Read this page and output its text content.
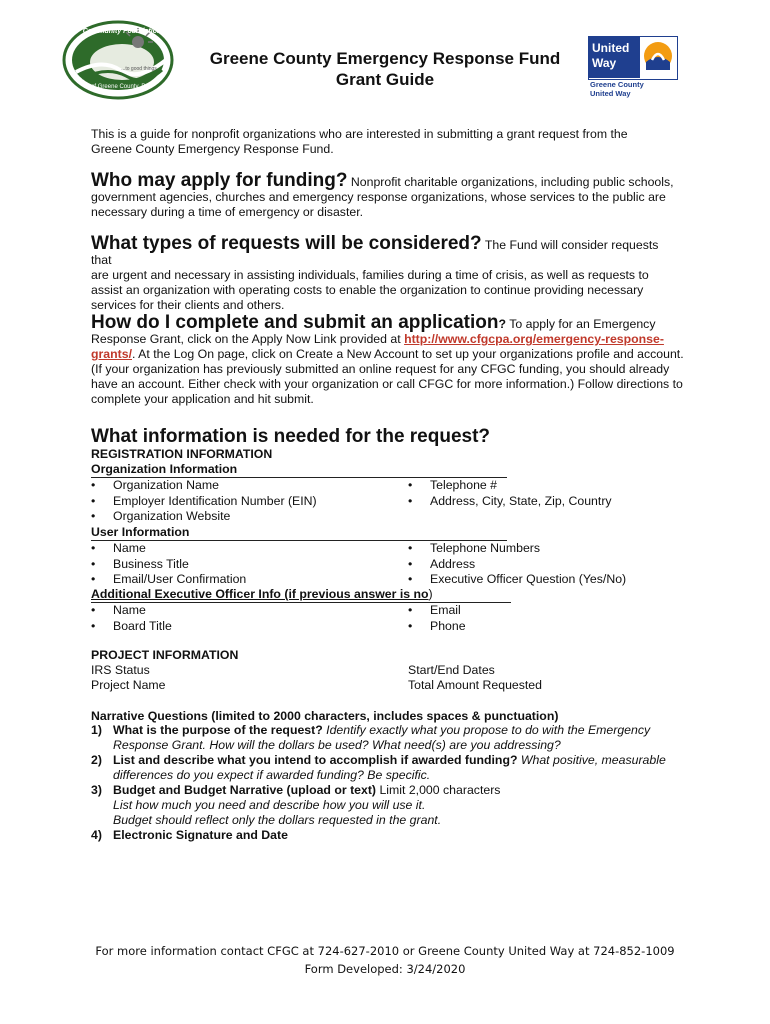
Community Foundation
...to good things
of Greene County, PA
Greene County Emergency Response Fund
Grant Guide
United
Way
Greene County
United Way
This is a guide for nonprofit organizations who are interested in submitting a grant request from the Greene County Emergency Response Fund.
Who may apply for funding? Nonprofit charitable organizations, including public schools,
government agencies, churches and emergency response organizations, whose services to the public are necessary during a time of emergency or disaster.
What types of requests will be considered? The Fund will consider requests that
are urgent and necessary in assisting individuals, families during a time of crisis, as well as requests to assist an organization with operating costs to enable the organization to continue providing necessary services for their clients and others.
How do I complete and submit an application? To apply for an Emergency
Response Grant, click on the Apply Now Link provided at http://www.cfgcpa.org/emergency-response-grants/. At the Log On page, click on Create a New Account to set up your organizations profile and account. (If your organization has previously submitted an online request for any CFGC funding, you should already have an account. Either check with your organization or call CFGC for more information.) Follow directions to complete your application and hit submit.
What information is needed for the request?
REGISTRATION INFORMATION
Organization Information
• Organization Name
• Employer Identification Number (EIN)
• Organization Website
• Telephone #
• Address, City, State, Zip, Country
User Information
• Name
• Business Title
• Email/User Confirmation
• Telephone Numbers
• Address
• Executive Officer Question (Yes/No)
Additional Executive Officer Info (if previous answer is no)
• Name
• Board Title
• Email
• Phone
PROJECT INFORMATION
IRS Status
Project Name
Start/End Dates
Total Amount Requested
Narrative Questions (limited to 2000 characters, includes spaces & punctuation)
1) What is the purpose of the request? Identify exactly what you propose to do with the Emergency
Response Grant. How will the dollars be used? What need(s) are you addressing?
2) List and describe what you intend to accomplish if awarded funding? What positive, measurable
differences do you expect if awarded funding? Be specific.
3) Budget and Budget Narrative (upload or text) Limit 2,000 characters
List how much you need and describe how you will use it.
Budget should reflect only the dollars requested in the grant.
4) Electronic Signature and Date
For more information contact CFGC at 724-627-2010 or Greene County United Way at 724-852-1009
Form Developed: 3/24/2020
